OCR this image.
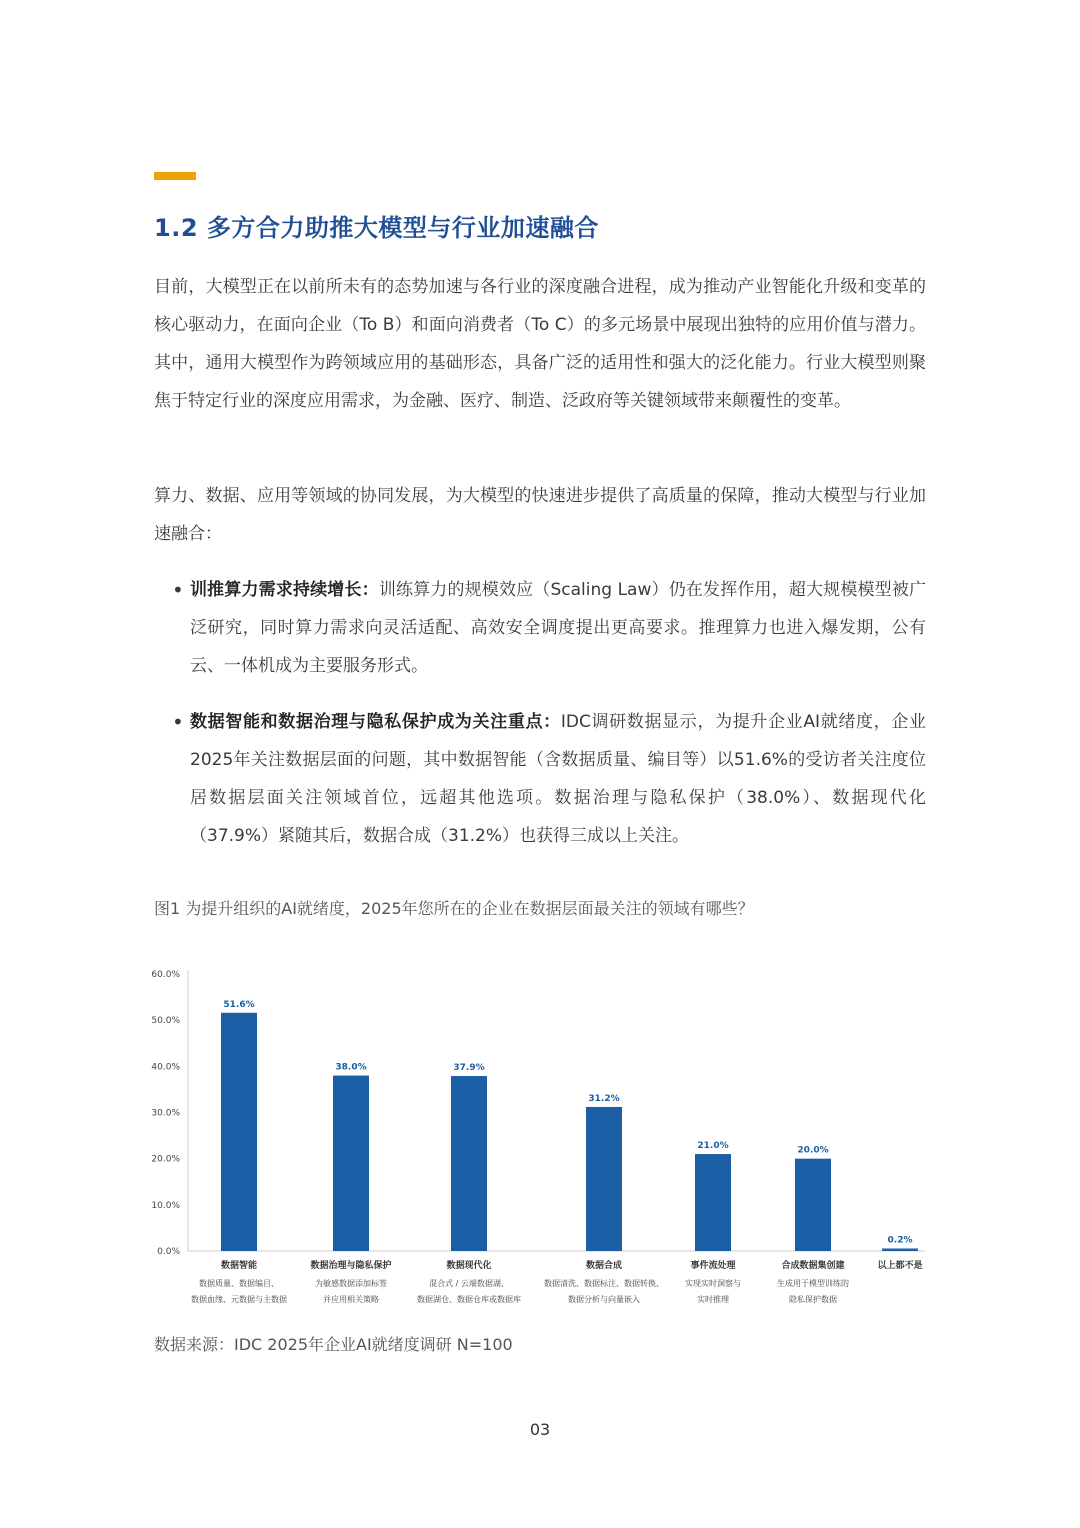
1.2 多方合力助推大模型与行业加速融合

目前，大模型正在以前所未有的态势加速与各行业的深度融合进程，成为推动产业智能化升级和变革的核心驱动力，在面向企业（To B）和面向消费者（To C）的多元场景中展现出独特的应用价值与潜力。其中，通用大模型作为跨领域应用的基础形态，具备广泛的适用性和强大的泛化能力。行业大模型则聚焦于特定行业的深度应用需求，为金融、医疗、制造、泛政府等关键领域带来颠覆性的变革。

算力、数据、应用等领域的协同发展，为大模型的快速进步提供了高质量的保障，推动大模型与行业加速融合：

• 训推算力需求持续增长：训练算力的规模效应（Scaling Law）仍在发挥作用，超大规模模型被广泛研究，同时算力需求向灵活适配、高效安全调度提出更高要求。推理算力也进入爆发期，公有云、一体机成为主要服务形式。
• 数据智能和数据治理与隐私保护成为关注重点：IDC调研数据显示，为提升企业AI就绪度，企业2025年关注数据层面的问题，其中数据智能（含数据质量、编目等）以51.6%的受访者关注度位居数据层面关注领域首位，远超其他选项。数据治理与隐私保护（38.0%）、数据现代化（37.9%）紧随其后，数据合成（31.2%）也获得三成以上关注。
图1 为提升组织的AI就绪度，2025年您所在的企业在数据层面最关注的领域有哪些？
0.0%
10.0%
20.0%
30.0%
40.0%
50.0%
60.0%
51.6%
数据智能
数据质量、数据编目、
数据血缘、元数据与主数据
38.0%
数据治理与隐私保护
为敏感数据添加标签
并应用相关策略
37.9%
数据现代化
混合式 / 云端数据湖、
数据湖仓、数据仓库或数据库
31.2%
数据合成
数据清洗、数据标注、数据转换、
数据分析与向量嵌入
21.0%
事件流处理
实现实时洞察与
实时推理
20.0%
合成数据集创建
生成用于模型训练的
隐私保护数据
0.2%
以上都不是
数据来源：IDC 2025年企业AI就绪度调研 N=100
03
